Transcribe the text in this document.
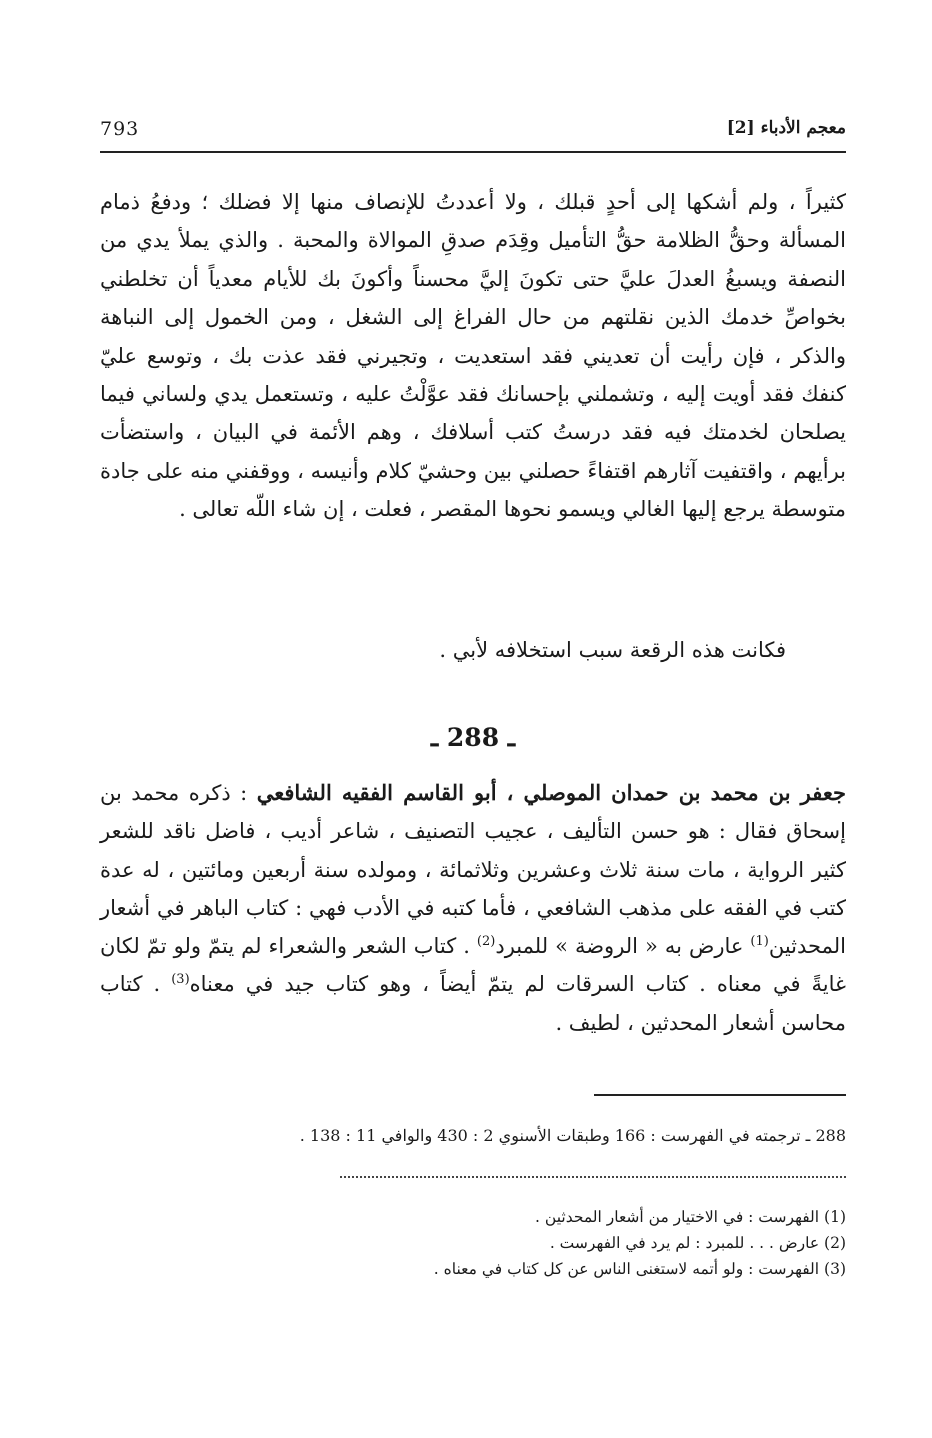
معجم الأدباء [2]
793

كثيراً ، ولم أشكها إلى أحدٍ قبلك ، ولا أعددتُ للإنصاف منها إلا فضلك ؛ ودفعُ ذمام المسألة وحقُّ الظلامة حقُّ التأميل وقِدَم صدقِ الموالاة والمحبة . والذي يملأ يدي من النصفة ويسبغُ العدلَ عليَّ حتى تكونَ إليَّ محسناً وأكونَ بك للأيام معدياً أن تخلطني بخواصِّ خدمك الذين نقلتهم من حال الفراغ إلى الشغل ، ومن الخمول إلى النباهة والذكر ، فإن رأيت أن تعديني فقد استعديت ، وتجيرني فقد عذت بك ، وتوسع عليّ كنفك فقد أويت إليه ، وتشملني بإحسانك فقد عوَّلْتُ عليه ، وتستعمل يدي ولساني فيما يصلحان لخدمتك فيه فقد درستُ كتب أسلافك ، وهم الأئمة في البيان ، واستضأت برأيهم ، واقتفيت آثارهم اقتفاءً حصلني بين وحشيّ كلام وأنيسه ، ووقفني منه على جادة متوسطة يرجع إليها الغالي ويسمو نحوها المقصر ، فعلت ، إن شاء اللّه تعالى .

فكانت هذه الرقعة سبب استخلافه لأبي .
ـ 288 ـ
جعفر بن محمد بن حمدان الموصلي ، أبو القاسم الفقيه الشافعي : ذكره محمد بن إسحاق فقال : هو حسن التأليف ، عجيب التصنيف ، شاعر أديب ، فاضل ناقد للشعر كثير الرواية ، مات سنة ثلاث وعشرين وثلاثمائة ، ومولده سنة أربعين ومائتين ، له عدة كتب في الفقه على مذهب الشافعي ، فأما كتبه في الأدب فهي : كتاب الباهر في أشعار المحدثين$^{(1)}$ عارض به « الروضة » للمبرد$^{(2)}$ . كتاب الشعر والشعراء لم يتمّ ولو تمّ لكان غايةً في معناه . كتاب السرقات لم يتمّ أيضاً ، وهو كتاب جيد في معناه$^{(3)}$ . كتاب محاسن أشعار المحدثين ، لطيف .
288 ـ ترجمته في الفهرست : 166 وطبقات الأسنوي 2 : 430 والوافي 11 : 138 .

(1) الفهرست : في الاختيار من أشعار المحدثين .

(2) عارض . . . للمبرد : لم يرد في الفهرست .

(3) الفهرست : ولو أتمه لاستغنى الناس عن كل كتاب في معناه .
